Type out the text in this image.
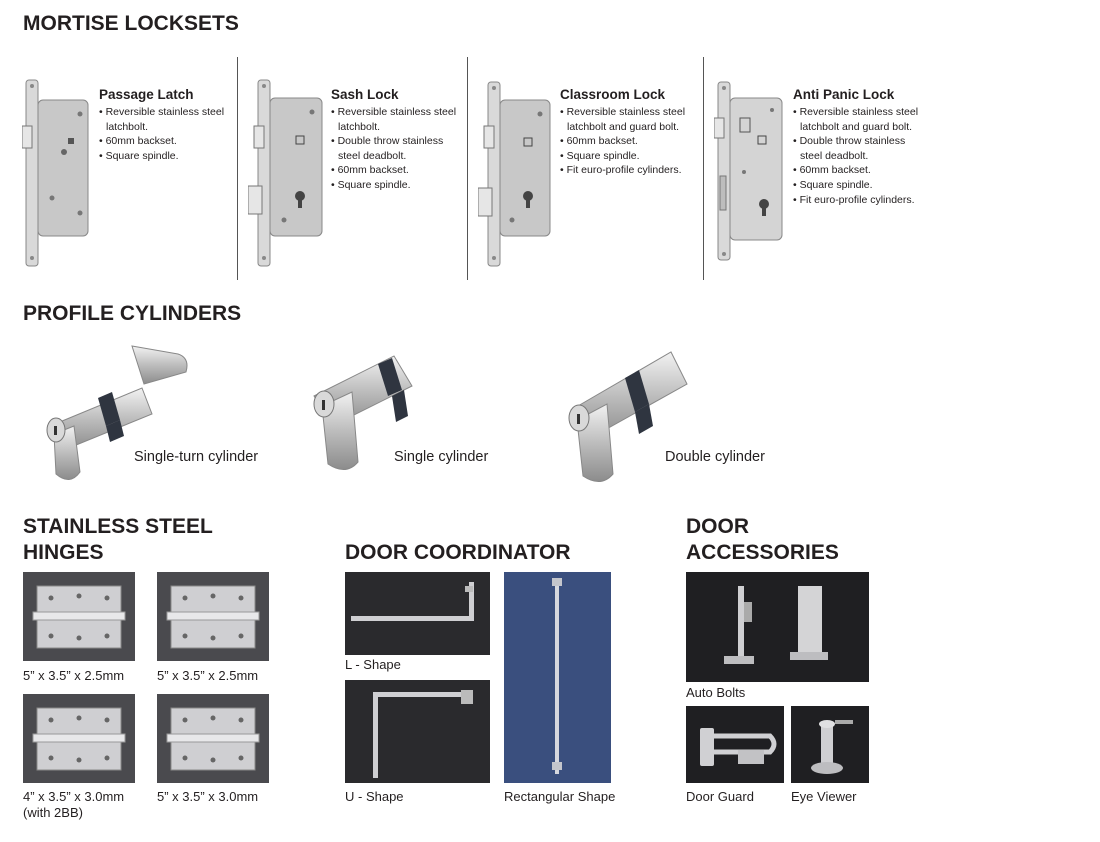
MORTISE LOCKSETS
Passage Latch
• Reversible stainless steel latchbolt.
• 60mm backset.
• Square spindle.
Sash Lock
• Reversible stainless steel latchbolt.
• Double throw stainless steel deadbolt.
• 60mm backset.
• Square spindle.
Classroom Lock
• Reversible stainless steel latchbolt and guard bolt.
• 60mm backset.
• Square spindle.
• Fit euro-profile cylinders.
Anti Panic Lock
• Reversible stainless steel latchbolt and guard bolt.
• Double throw stainless steel deadbolt.
• 60mm backset.
• Square spindle.
• Fit euro-profile cylinders.
PROFILE CYLINDERS
Single-turn cylinder	Single cylinder	Double cylinder
STAINLESS STEEL HINGES
5” x 3.5” x 2.5mm	5” x 3.5” x 2.5mm
4” x 3.5” x 3.0mm
(with 2BB)
5” x 3.5” x 3.0mm
DOOR COORDINATOR
L - Shape
U - Shape	Rectangular Shape
DOOR ACCESSORIES
Auto Bolts
Door Guard	Eye Viewer
